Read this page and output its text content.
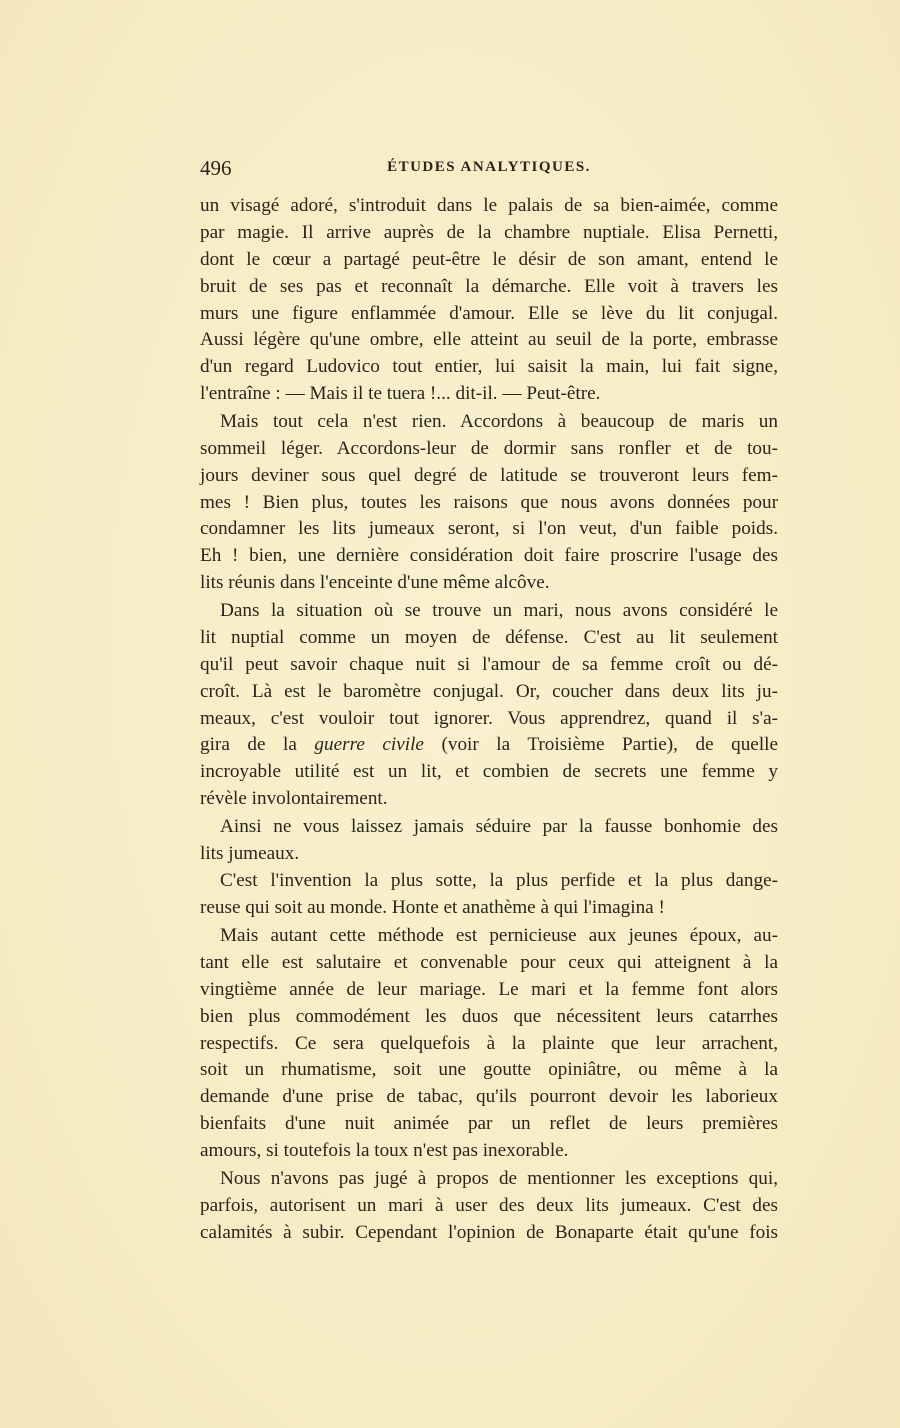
496	ÉTUDES ANALYTIQUES.
un visagé adoré, s'introduit dans le palais de sa bien-aimée, comme
par magie. Il arrive auprès de la chambre nuptiale. Elisa Pernetti,
dont le cœur a partagé peut-être le désir de son amant, entend le
bruit de ses pas et reconnaît la démarche. Elle voit à travers les
murs une figure enflammée d'amour. Elle se lève du lit conjugal.
Aussi légère qu'une ombre, elle atteint au seuil de la porte, embrasse
d'un regard Ludovico tout entier, lui saisit la main, lui fait signe,
l'entraîne : — Mais il te tuera !... dit-il. — Peut-être.
Mais tout cela n'est rien. Accordons à beaucoup de maris un
sommeil léger. Accordons-leur de dormir sans ronfler et de tou-
jours deviner sous quel degré de latitude se trouveront leurs fem-
mes ! Bien plus, toutes les raisons que nous avons données pour
condamner les lits jumeaux seront, si l'on veut, d'un faible poids.
Eh ! bien, une dernière considération doit faire proscrire l'usage des
lits réunis dans l'enceinte d'une même alcôve.
Dans la situation où se trouve un mari, nous avons considéré le
lit nuptial comme un moyen de défense. C'est au lit seulement
qu'il peut savoir chaque nuit si l'amour de sa femme croît ou dé-
croît. Là est le baromètre conjugal. Or, coucher dans deux lits ju-
meaux, c'est vouloir tout ignorer. Vous apprendrez, quand il s'a-
gira de la guerre civile (voir la Troisième Partie), de quelle
incroyable utilité est un lit, et combien de secrets une femme y
révèle involontairement.
Ainsi ne vous laissez jamais séduire par la fausse bonhomie des
lits jumeaux.
C'est l'invention la plus sotte, la plus perfide et la plus dange-
reuse qui soit au monde. Honte et anathème à qui l'imagina !
Mais autant cette méthode est pernicieuse aux jeunes époux, au-
tant elle est salutaire et convenable pour ceux qui atteignent à la
vingtième année de leur mariage. Le mari et la femme font alors
bien plus commodément les duos que nécessitent leurs catarrhes
respectifs. Ce sera quelquefois à la plainte que leur arrachent,
soit un rhumatisme, soit une goutte opiniâtre, ou même à la
demande d'une prise de tabac, qu'ils pourront devoir les laborieux
bienfaits d'une nuit animée par un reflet de leurs premières
amours, si toutefois la toux n'est pas inexorable.
Nous n'avons pas jugé à propos de mentionner les exceptions qui,
parfois, autorisent un mari à user des deux lits jumeaux. C'est des
calamités à subir. Cependant l'opinion de Bonaparte était qu'une fois
